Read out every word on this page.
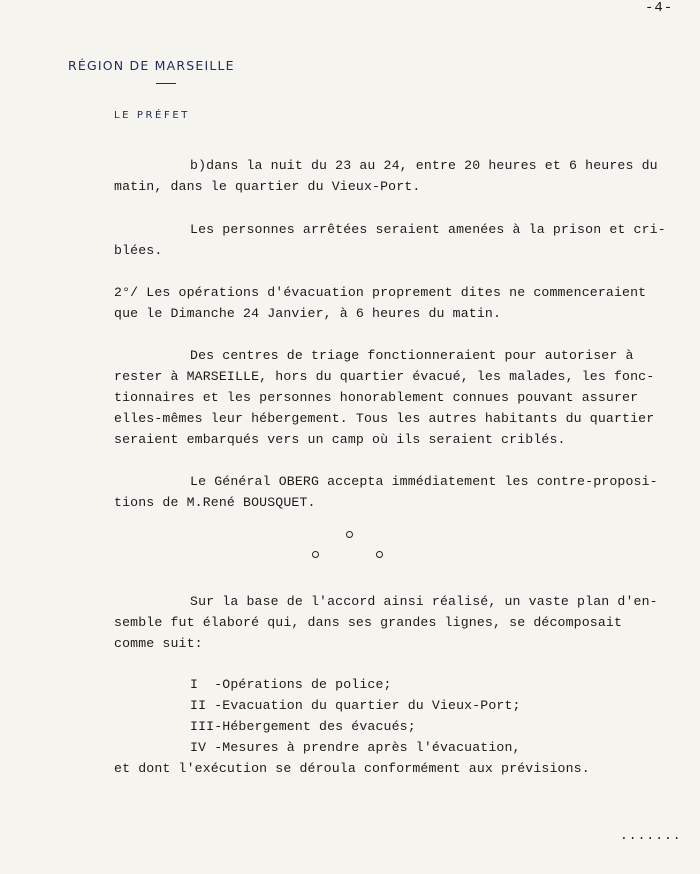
-4-
RÉGION DE MARSEILLE
LE PRÉFET
b)dans la nuit du 23 au 24, entre 20 heures et 6 heures du
matin, dans le quartier du Vieux-Port.
Les personnes arrêtées seraient amenées à la prison et cri-
blées.
2°/ Les opérations d'évacuation proprement dites ne commenceraient
que le Dimanche 24 Janvier, à 6 heures du matin.
Des centres de triage fonctionneraient pour autoriser à
rester à MARSEILLE, hors du quartier évacué, les malades, les fonc-
tionnaires et les personnes honorablement connues pouvant assurer
elles-mêmes leur hébergement. Tous les autres habitants du quartier
seraient embarqués vers un camp où ils seraient criblés.
Le Général OBERG accepta immédiatement les contre-proposi-
tions de M.René BOUSQUET.
Sur la base de l'accord ainsi réalisé, un vaste plan d'en-
semble fut élaboré qui, dans ses grandes lignes, se décomposait
comme suit:
I  -Opérations de police;
II -Evacuation du quartier du Vieux-Port;
III-Hébergement des évacués;
IV -Mesures à prendre après l'évacuation,
et dont l'exécution se déroula conformément aux prévisions.
.......
